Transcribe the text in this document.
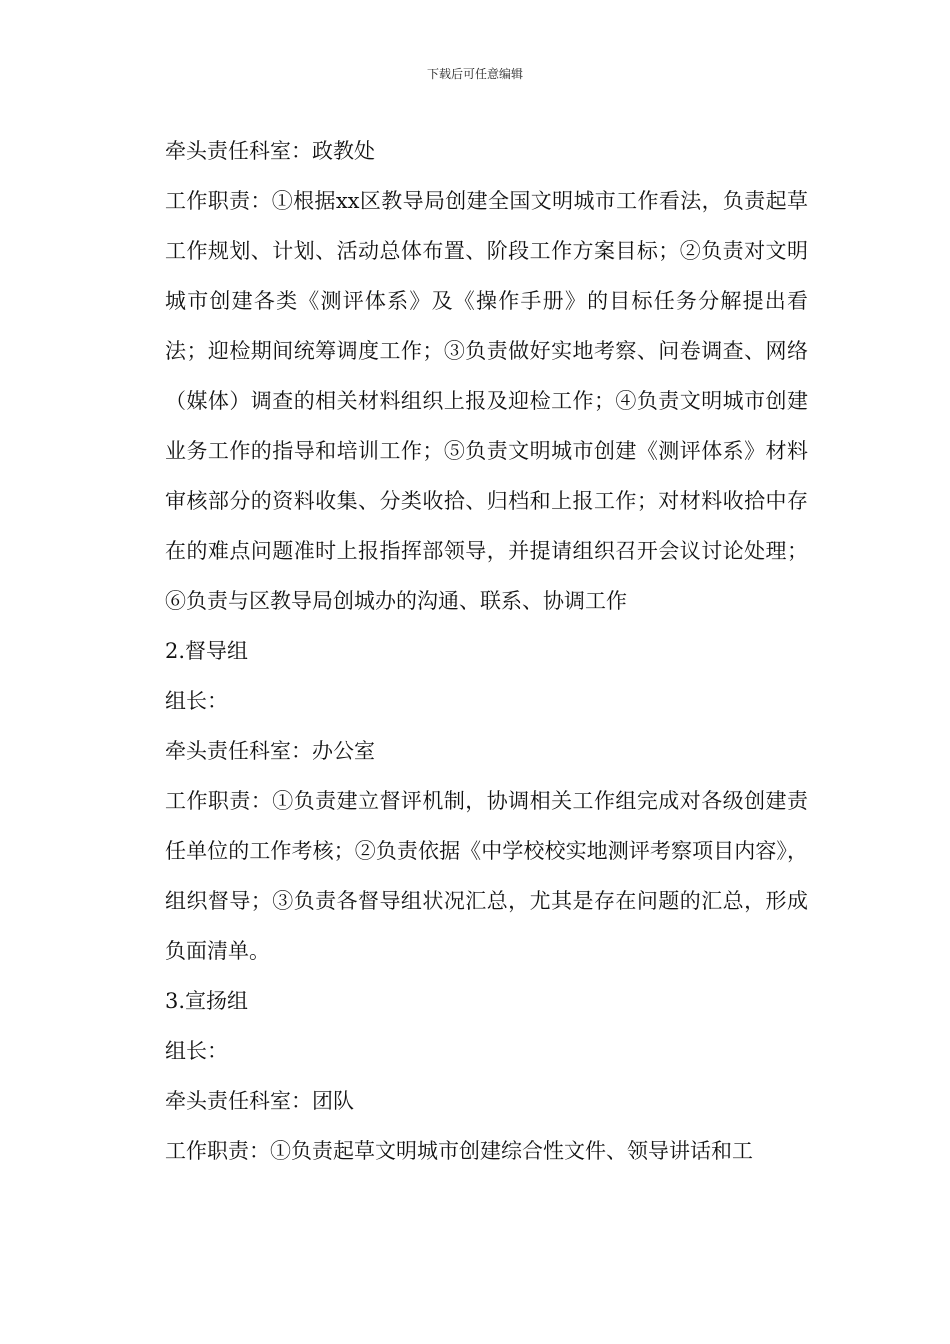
下载后可任意编辑

牵头责任科室：政教处

工作职责：①根据xx区教导局创建全国文明城市工作看法，负责起草工作规划、计划、活动总体布置、阶段工作方案目标；②负责对文明城市创建各类《测评体系》及《操作手册》的目标任务分解提出看法；迎检期间统筹调度工作；③负责做好实地考察、问卷调查、网络（媒体）调查的相关材料组织上报及迎检工作；④负责文明城市创建业务工作的指导和培训工作；⑤负责文明城市创建《测评体系》材料审核部分的资料收集、分类收拾、归档和上报工作；对材料收拾中存在的难点问题准时上报指挥部领导，并提请组织召开会议讨论处理；⑥负责与区教导局创城办的沟通、联系、协调工作

2.督导组

组长：

牵头责任科室：办公室

工作职责：①负责建立督评机制，协调相关工作组完成对各级创建责任单位的工作考核；②负责依据《中学校校实地测评考察项目内容》，组织督导；③负责各督导组状况汇总，尤其是存在问题的汇总，形成负面清单。

3.宣扬组

组长：

牵头责任科室：团队

工作职责：①负责起草文明城市创建综合性文件、领导讲话和工
